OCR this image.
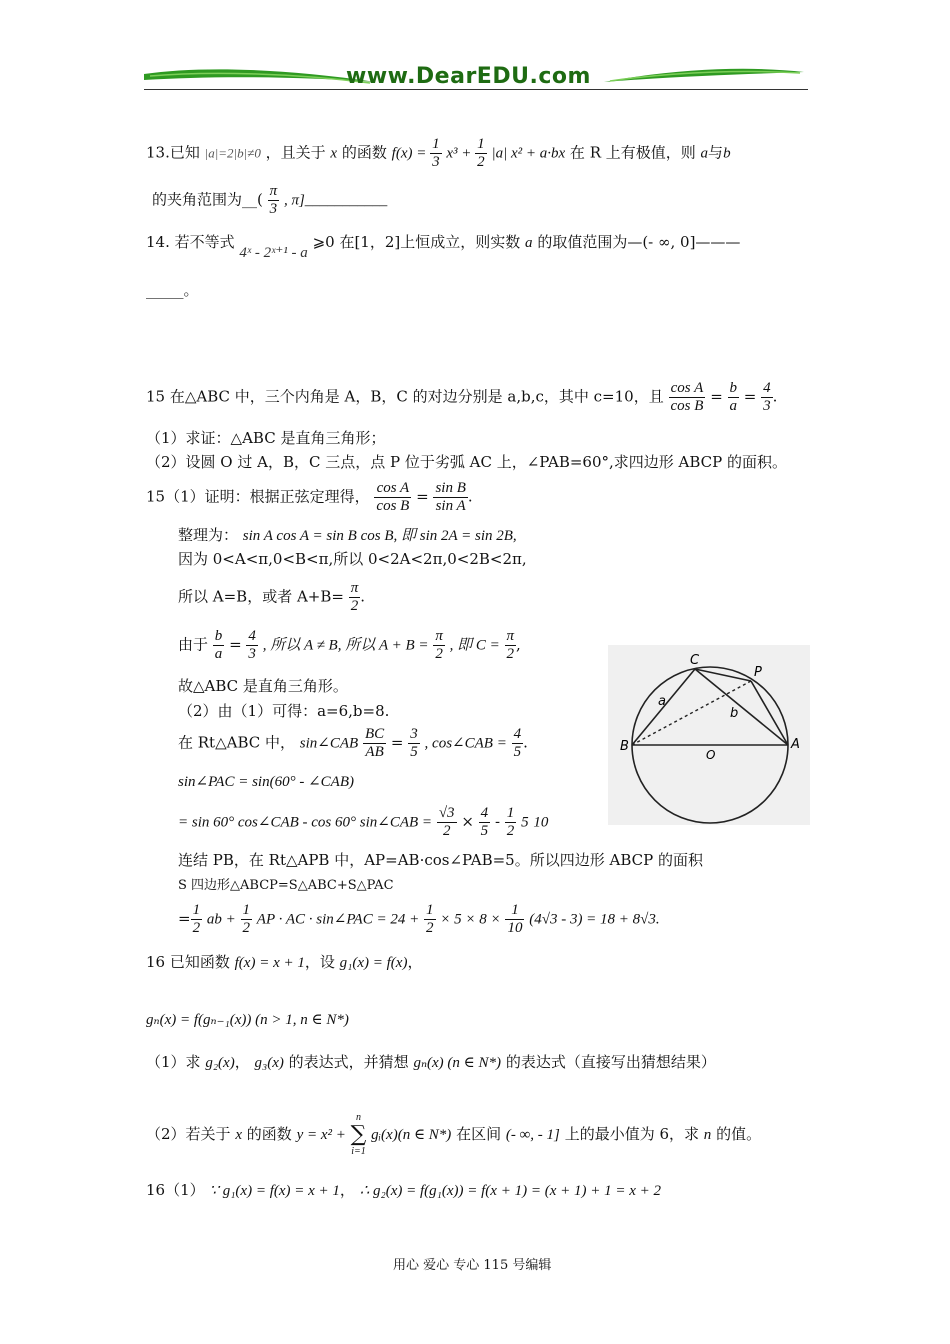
www.DearEDU.com
13.已知 |a|=2|b|≠0 ，且关于 x 的函数 $f(x) = \frac{1}{3} x^3 + \frac{1}{2} |a|$ x² + a·bx 在 R 上有极值，则 a与b
的夹角范围为__( $\frac{\pi}{3}$ , π]___________
14. 若不等式 4ˣ - 2ˣ⁺¹ - a ⩾0 在[1，2]上恒成立，则实数 a 的取值范围为—(- ∞, 0]———
_____。
15 在△ABC 中，三个内角是 A，B，C 的对边分别是 a,b,c，其中 c=10，且 $\frac{\text{cos A}}{\text{cos B}} = \frac{b}{a} = \frac{4}{3}$ .
（1）求证：△ABC 是直角三角形；
（2）设圆 O 过 A，B，C 三点，点 P 位于劣弧 AC 上，∠PAB=60°,求四边形 ABCP 的面积。
15（1）证明：根据正弦定理得， $\frac{\text{cos A}}{\text{cos B}} = \frac{\text{sin B}}{\text{sin A}}$ .
整理为： sin A cos A = sin B cos B, 即 sin 2A = sin 2B,
因为 0<A<π,0<B<π,所以 0<2A<2π,0<2B<2π,
所以 A=B，或者 $A+B= \frac{\pi}{2}$ .
由于 $\frac{b}{a} = \frac{4}{3}$ , 所以 A ≠ B, 所以 $A + B = \frac{\pi}{2}$ , 即 $C = \frac{\pi}{2}$ ,
故△ABC 是直角三角形。
（2）由（1）可得：a=6,b=8.
在 Rt△ABC 中， sin∠CAB $\frac{BC}{AB} = \frac{3}{5}$ , cos∠CAB = $\frac{4}{5}$ .
sin∠PAC = sin(60° - ∠CAB)
= sin 60° cos∠CAB - cos 60° sin∠CAB = $\frac{√3}{2} \times \frac{4}{5} - \frac{1}{2} 5$ 10
连结 PB，在 Rt△APB 中，AP=AB·cos∠PAB=5。所以四边形 ABCP 的面积
S 四边形△ABCP=S△ABC+S△PAC
= $\frac{1}{2}$ ab + $\frac{1}{2}$ AP · AC · sin∠PAC = $24 + \frac{1}{2} \times 5 \times 8 \times \frac{1}{10} (4√3 - 3) = 18 + 8√3$.
C
P
a
b
B
O
A
16 已知函数 f(x) = x + 1，设 g₁(x) = f(x)，
gₙ(x) = f(gₙ₋₁(x)) (n > 1, n ∈ N*)
（1）求 g₂(x)， g₃(x) 的表达式，并猜想 gₙ(x) (n ∈ N*) 的表达式（直接写出猜想结果）
（2）若关于 x 的函数 y = x² +
n
∑
i=1
gᵢ(x)(n ∈ N*) 在区间 (- ∞, - 1] 上的最小值为 6，求 n 的值。
16（1） ∵ g₁(x) = f(x) = x + 1， ∴ g₂(x) = f(g₁(x)) = f(x + 1) = (x + 1) + 1 = x + 2
用心 爱心 专心 115 号编辑
